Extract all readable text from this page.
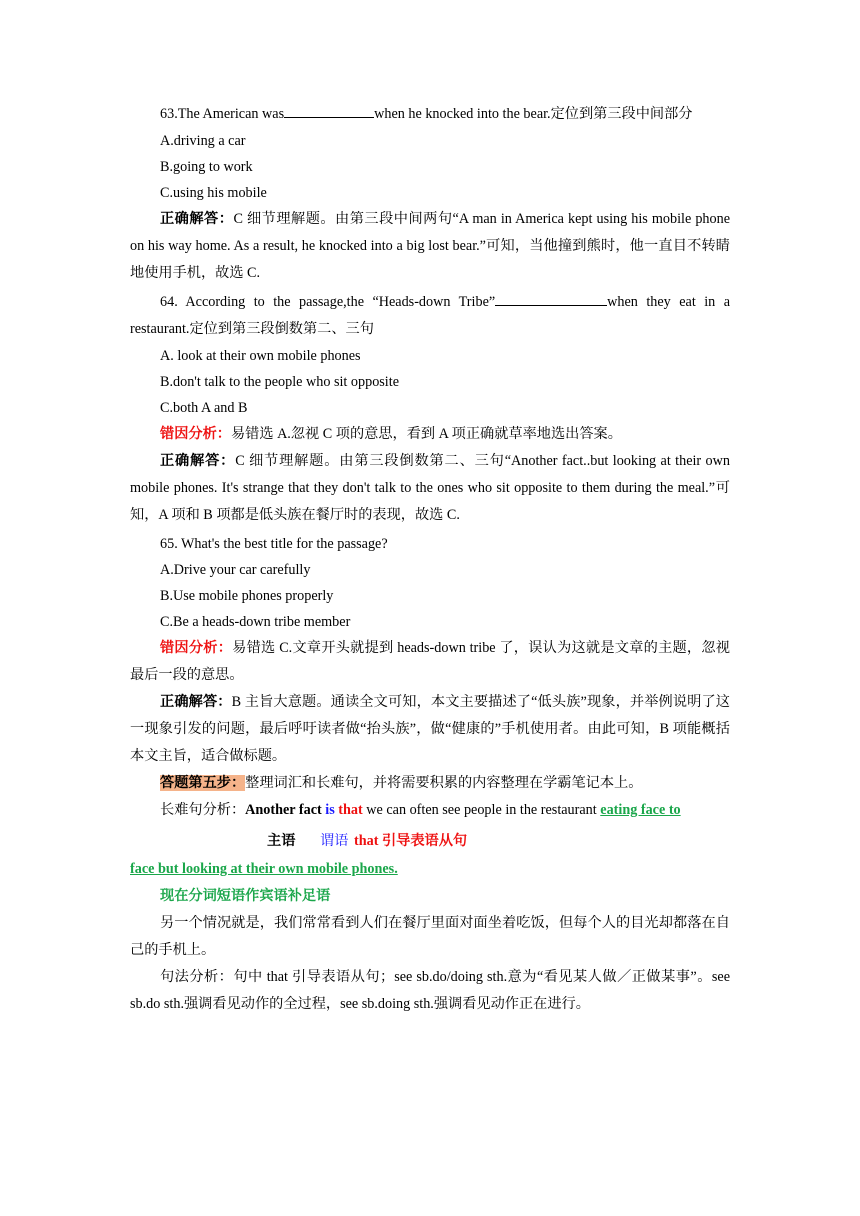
63.The American was	when he knocked into the bear.定位到第三段中间部分

A.driving a car

B.going to work

C.using his mobile

正确解答：C 细节理解题。由第三段中间两句“A man in America kept using his mobile phone on his way home. As a result, he knocked into a big lost bear.”可知，当他撞到熊时，他一直目不转睛地使用手机，故选 C.

64. According to the passage,the “Heads-down Tribe”	when they eat in a restaurant.定位到第三段倒数第二、三句

A. look at their own mobile phones

B.don't talk to the people who sit opposite

C.both A and B

错因分析：易错选 A.忽视 C 项的意思，看到 A 项正确就草率地选出答案。

正确解答：C 细节理解题。由第三段倒数第二、三句“Another fact..but looking at their own mobile phones. It's strange that they don't talk to the ones who sit opposite to them during the meal.”可知，A 项和 B 项都是低头族在餐厅时的表现，故选 C.

65. What's the best title for the passage?

A.Drive your car carefully

B.Use mobile phones properly

C.Be a heads-down tribe member

错因分析：易错选 C.文章开头就提到 heads-down tribe 了，误认为这就是文章的主题，忽视最后一段的意思。

正确解答：B 主旨大意题。通读全文可知，本文主要描述了“低头族”现象，并举例说明了这一现象引发的问题，最后呼吁读者做“抬头族”，做“健康的”手机使用者。由此可知，B 项能概括本文主旨，适合做标题。

答题第五步：整理词汇和长难句，并将需要积累的内容整理在学霸笔记本上。

长难句分析：Another fact is that we can often see people in the restaurant eating face to

主语 谓语 that 引导表语从句

face but looking at their own mobile phones.

现在分词短语作宾语补足语

另一个情况就是，我们常常看到人们在餐厅里面对面坐着吃饭，但每个人的目光却都落在自己的手机上。

句法分析：句中 that 引导表语从句；see sb.do/doing sth.意为“看见某人做／正做某事”。see sb.do sth.强调看见动作的全过程，see sb.doing sth.强调看见动作正在进行。
